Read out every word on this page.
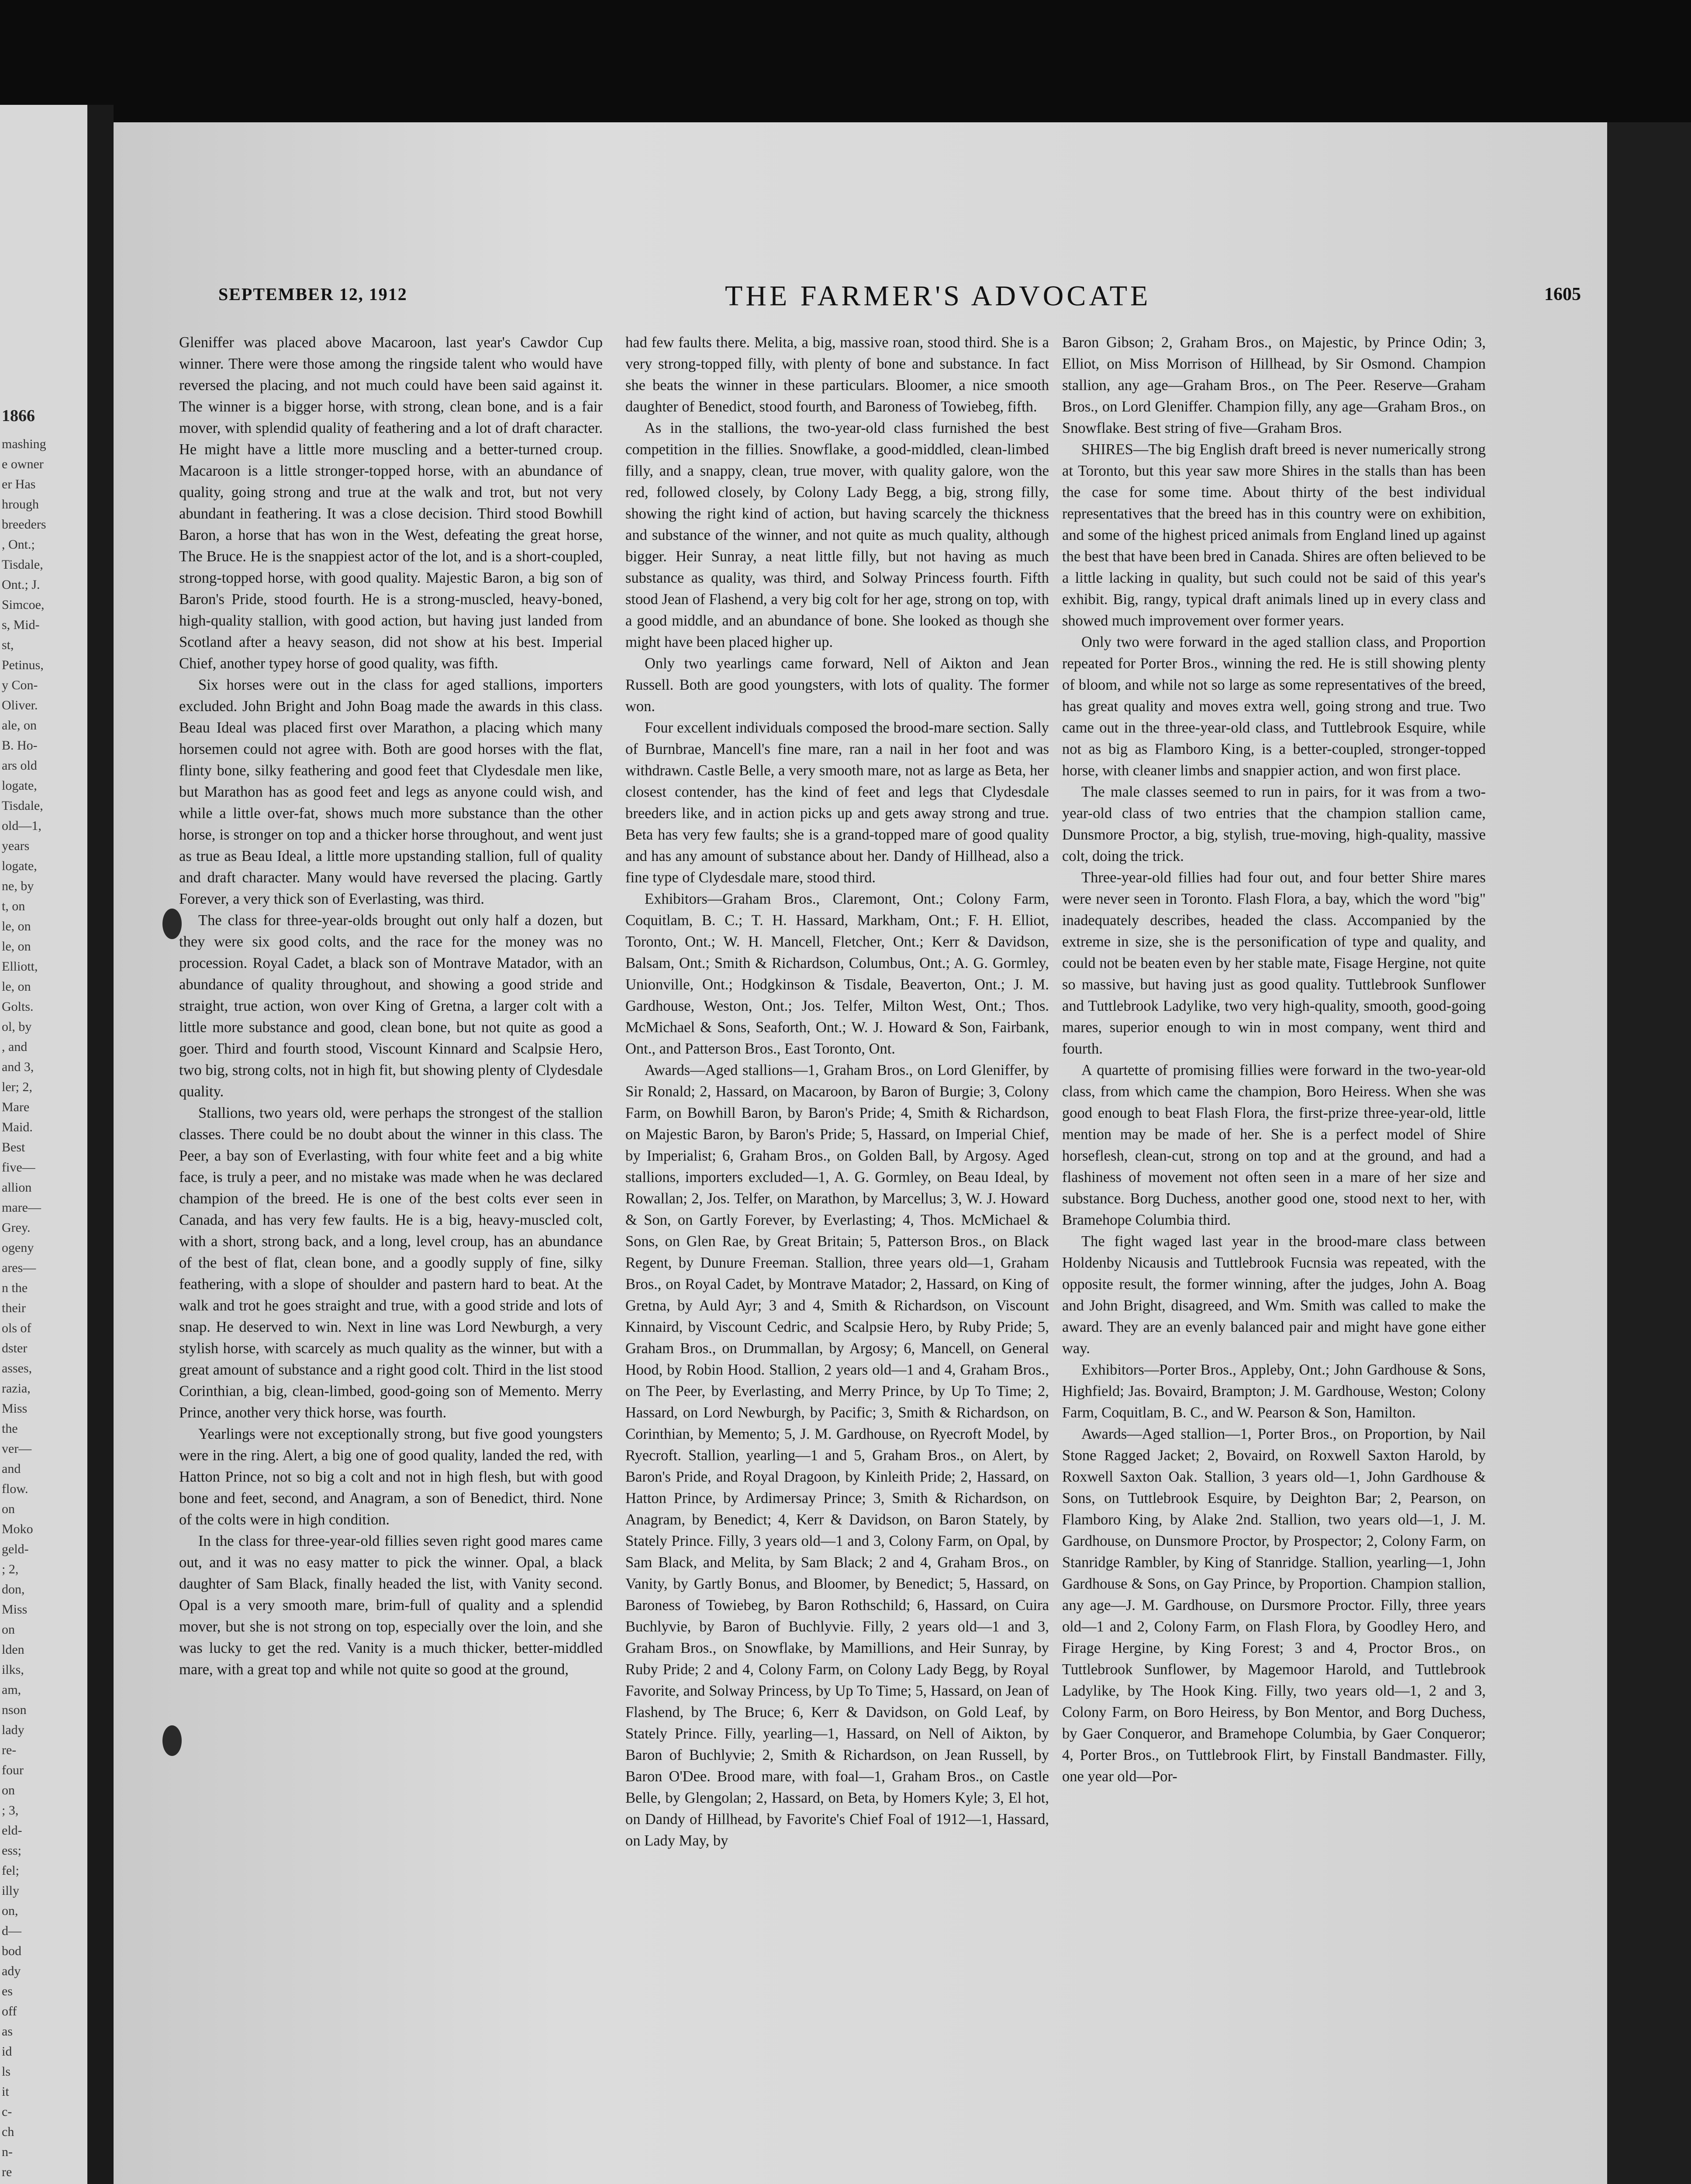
1866
mashing
e owner
er Has
hrough
breeders
, Ont.;
Tisdale,
Ont.; J.
Simcoe,
s, Mid-
st,
Petinus,
y Con-
Oliver.
ale, on
B. Ho-
ars old
logate,
Tisdale,
old—1,
years
logate,
ne, by
t, on
le, on
le, on
Elliott,
le, on
Golts.
ol, by
, and
and 3,
ler; 2,
Mare
Maid.
Best
five—
allion
mare—
Grey.
ogeny
ares—
n the
their
ols of
dster
asses,
razia,
Miss
the
ver—
and
flow.
on
Moko
geld-
; 2,
don,
Miss
on
lden
ilks,
am,
nson
lady
re-
four
on
; 3,
eld-
ess;
fel;
illy
on,
d—
bod
ady
es
off
as
id
ls
it
c-
ch
n-
re
SEPTEMBER 12, 1912	THE FARMER'S ADVOCATE	1605

Gleniffer was placed above Macaroon, last year's Cawdor Cup winner. There were those among the ringside talent who would have reversed the placing, and not much could have been said against it. The winner is a bigger horse, with strong, clean bone, and is a fair mover, with splendid quality of feathering and a lot of draft character. He might have a little more muscling and a better-turned croup. Macaroon is a little stronger-topped horse, with an abundance of quality, going strong and true at the walk and trot, but not very abundant in feathering. It was a close decision. Third stood Bowhill Baron, a horse that has won in the West, defeating the great horse, The Bruce. He is the snappiest actor of the lot, and is a short-coupled, strong-topped horse, with good quality. Majestic Baron, a big son of Baron's Pride, stood fourth. He is a strong-muscled, heavy-boned, high-quality stallion, with good action, but having just landed from Scotland after a heavy season, did not show at his best. Imperial Chief, another typey horse of good quality, was fifth.

Six horses were out in the class for aged stallions, importers excluded. John Bright and John Boag made the awards in this class. Beau Ideal was placed first over Marathon, a placing which many horsemen could not agree with. Both are good horses with the flat, flinty bone, silky feathering and good feet that Clydesdale men like, but Marathon has as good feet and legs as anyone could wish, and while a little over-fat, shows much more substance than the other horse, is stronger on top and a thicker horse throughout, and went just as true as Beau Ideal, a little more upstanding stallion, full of quality and draft character. Many would have reversed the placing. Gartly Forever, a very thick son of Everlasting, was third.

The class for three-year-olds brought out only half a dozen, but they were six good colts, and the race for the money was no procession. Royal Cadet, a black son of Montrave Matador, with an abundance of quality throughout, and showing a good stride and straight, true action, won over King of Gretna, a larger colt with a little more substance and good, clean bone, but not quite as good a goer. Third and fourth stood, Viscount Kinnard and Scalpsie Hero, two big, strong colts, not in high fit, but showing plenty of Clydesdale quality.

Stallions, two years old, were perhaps the strongest of the stallion classes. There could be no doubt about the winner in this class. The Peer, a bay son of Everlasting, with four white feet and a big white face, is truly a peer, and no mistake was made when he was declared champion of the breed. He is one of the best colts ever seen in Canada, and has very few faults. He is a big, heavy-muscled colt, with a short, strong back, and a long, level croup, has an abundance of the best of flat, clean bone, and a goodly supply of fine, silky feathering, with a slope of shoulder and pastern hard to beat. At the walk and trot he goes straight and true, with a good stride and lots of snap. He deserved to win. Next in line was Lord Newburgh, a very stylish horse, with scarcely as much quality as the winner, but with a great amount of substance and a right good colt. Third in the list stood Corinthian, a big, clean-limbed, good-going son of Memento. Merry Prince, another very thick horse, was fourth.

Yearlings were not exceptionally strong, but five good youngsters were in the ring. Alert, a big one of good quality, landed the red, with Hatton Prince, not so big a colt and not in high flesh, but with good bone and feet, second, and Anagram, a son of Benedict, third. None of the colts were in high condition.

In the class for three-year-old fillies seven right good mares came out, and it was no easy matter to pick the winner. Opal, a black daughter of Sam Black, finally headed the list, with Vanity second. Opal is a very smooth mare, brim-full of quality and a splendid mover, but she is not strong on top, especially over the loin, and she was lucky to get the red. Vanity is a much thicker, better-middled mare, with a great top and while not quite so good at the ground,

had few faults there. Melita, a big, massive roan, stood third. She is a very strong-topped filly, with plenty of bone and substance. In fact she beats the winner in these particulars. Bloomer, a nice smooth daughter of Benedict, stood fourth, and Baroness of Towiebeg, fifth.

As in the stallions, the two-year-old class furnished the best competition in the fillies. Snowflake, a good-middled, clean-limbed filly, and a snappy, clean, true mover, with quality galore, won the red, followed closely, by Colony Lady Begg, a big, strong filly, showing the right kind of action, but having scarcely the thickness and substance of the winner, and not quite as much quality, although bigger. Heir Sunray, a neat little filly, but not having as much substance as quality, was third, and Solway Princess fourth. Fifth stood Jean of Flashend, a very big colt for her age, strong on top, with a good middle, and an abundance of bone. She looked as though she might have been placed higher up.

Only two yearlings came forward, Nell of Aikton and Jean Russell. Both are good youngsters, with lots of quality. The former won.

Four excellent individuals composed the brood-mare section. Sally of Burnbrae, Mancell's fine mare, ran a nail in her foot and was withdrawn. Castle Belle, a very smooth mare, not as large as Beta, her closest contender, has the kind of feet and legs that Clydesdale breeders like, and in action picks up and gets away strong and true. Beta has very few faults; she is a grand-topped mare of good quality and has any amount of substance about her. Dandy of Hillhead, also a fine type of Clydesdale mare, stood third.

Exhibitors—Graham Bros., Claremont, Ont.; Colony Farm, Coquitlam, B. C.; T. H. Hassard, Markham, Ont.; F. H. Elliot, Toronto, Ont.; W. H. Mancell, Fletcher, Ont.; Kerr & Davidson, Balsam, Ont.; Smith & Richardson, Columbus, Ont.; A. G. Gormley, Unionville, Ont.; Hodgkinson & Tisdale, Beaverton, Ont.; J. M. Gardhouse, Weston, Ont.; Jos. Telfer, Milton West, Ont.; Thos. McMichael & Sons, Seaforth, Ont.; W. J. Howard & Son, Fairbank, Ont., and Patterson Bros., East Toronto, Ont.

Awards—Aged stallions—1, Graham Bros., on Lord Gleniffer, by Sir Ronald; 2, Hassard, on Macaroon, by Baron of Burgie; 3, Colony Farm, on Bowhill Baron, by Baron's Pride; 4, Smith & Richardson, on Majestic Baron, by Baron's Pride; 5, Hassard, on Imperial Chief, by Imperialist; 6, Graham Bros., on Golden Ball, by Argosy. Aged stallions, importers excluded—1, A. G. Gormley, on Beau Ideal, by Rowallan; 2, Jos. Telfer, on Marathon, by Marcellus; 3, W. J. Howard & Son, on Gartly Forever, by Everlasting; 4, Thos. McMichael & Sons, on Glen Rae, by Great Britain; 5, Patterson Bros., on Black Regent, by Dunure Freeman. Stallion, three years old—1, Graham Bros., on Royal Cadet, by Montrave Matador; 2, Hassard, on King of Gretna, by Auld Ayr; 3 and 4, Smith & Richardson, on Viscount Kinnaird, by Viscount Cedric, and Scalpsie Hero, by Ruby Pride; 5, Graham Bros., on Drummallan, by Argosy; 6, Mancell, on General Hood, by Robin Hood. Stallion, 2 years old—1 and 4, Graham Bros., on The Peer, by Everlasting, and Merry Prince, by Up To Time; 2, Hassard, on Lord Newburgh, by Pacific; 3, Smith & Richardson, on Corinthian, by Memento; 5, J. M. Gardhouse, on Ryecroft Model, by Ryecroft. Stallion, yearling—1 and 5, Graham Bros., on Alert, by Baron's Pride, and Royal Dragoon, by Kinleith Pride; 2, Hassard, on Hatton Prince, by Ardimersay Prince; 3, Smith & Richardson, on Anagram, by Benedict; 4, Kerr & Davidson, on Baron Stately, by Stately Prince. Filly, 3 years old—1 and 3, Colony Farm, on Opal, by Sam Black, and Melita, by Sam Black; 2 and 4, Graham Bros., on Vanity, by Gartly Bonus, and Bloomer, by Benedict; 5, Hassard, on Baroness of Towiebeg, by Baron Rothschild; 6, Hassard, on Cuira Buchlyvie, by Baron of Buchlyvie. Filly, 2 years old—1 and 3, Graham Bros., on Snowflake, by Mamillions, and Heir Sunray, by Ruby Pride; 2 and 4, Colony Farm, on Colony Lady Begg, by Royal Favorite, and Solway Princess, by Up To Time; 5, Hassard, on Jean of Flashend, by The Bruce; 6, Kerr & Davidson, on Gold Leaf, by Stately Prince. Filly, yearling—1, Hassard, on Nell of Aikton, by Baron of Buchlyvie; 2, Smith & Richardson, on Jean Russell, by Baron O'Dee. Brood mare, with foal—1, Graham Bros., on Castle Belle, by Glengolan; 2, Hassard, on Beta, by Homers Kyle; 3, El hot, on Dandy of Hillhead, by Favorite's Chief Foal of 1912—1, Hassard, on Lady May, by

Baron Gibson; 2, Graham Bros., on Majestic, by Prince Odin; 3, Elliot, on Miss Morrison of Hillhead, by Sir Osmond. Champion stallion, any age—Graham Bros., on The Peer. Reserve—Graham Bros., on Lord Gleniffer. Champion filly, any age—Graham Bros., on Snowflake. Best string of five—Graham Bros.

SHIRES—The big English draft breed is never numerically strong at Toronto, but this year saw more Shires in the stalls than has been the case for some time. About thirty of the best individual representatives that the breed has in this country were on exhibition, and some of the highest priced animals from England lined up against the best that have been bred in Canada. Shires are often believed to be a little lacking in quality, but such could not be said of this year's exhibit. Big, rangy, typical draft animals lined up in every class and showed much improvement over former years.

Only two were forward in the aged stallion class, and Proportion repeated for Porter Bros., winning the red. He is still showing plenty of bloom, and while not so large as some representatives of the breed, has great quality and moves extra well, going strong and true. Two came out in the three-year-old class, and Tuttlebrook Esquire, while not as big as Flamboro King, is a better-coupled, stronger-topped horse, with cleaner limbs and snappier action, and won first place.

The male classes seemed to run in pairs, for it was from a two-year-old class of two entries that the champion stallion came, Dunsmore Proctor, a big, stylish, true-moving, high-quality, massive colt, doing the trick.

Three-year-old fillies had four out, and four better Shire mares were never seen in Toronto. Flash Flora, a bay, which the word "big" inadequately describes, headed the class. Accompanied by the extreme in size, she is the personification of type and quality, and could not be beaten even by her stable mate, Fisage Hergine, not quite so massive, but having just as good quality. Tuttlebrook Sunflower and Tuttlebrook Ladylike, two very high-quality, smooth, good-going mares, superior enough to win in most company, went third and fourth.

A quartette of promising fillies were forward in the two-year-old class, from which came the champion, Boro Heiress. When she was good enough to beat Flash Flora, the first-prize three-year-old, little mention may be made of her. She is a perfect model of Shire horseflesh, clean-cut, strong on top and at the ground, and had a flashiness of movement not often seen in a mare of her size and substance. Borg Duchess, another good one, stood next to her, with Bramehope Columbia third.

The fight waged last year in the brood-mare class between Holdenby Nicausis and Tuttlebrook Fucnsia was repeated, with the opposite result, the former winning, after the judges, John A. Boag and John Bright, disagreed, and Wm. Smith was called to make the award. They are an evenly balanced pair and might have gone either way.

Exhibitors—Porter Bros., Appleby, Ont.; John Gardhouse & Sons, Highfield; Jas. Bovaird, Brampton; J. M. Gardhouse, Weston; Colony Farm, Coquitlam, B. C., and W. Pearson & Son, Hamilton.

Awards—Aged stallion—1, Porter Bros., on Proportion, by Nail Stone Ragged Jacket; 2, Bovaird, on Roxwell Saxton Harold, by Roxwell Saxton Oak. Stallion, 3 years old—1, John Gardhouse & Sons, on Tuttlebrook Esquire, by Deighton Bar; 2, Pearson, on Flamboro King, by Alake 2nd. Stallion, two years old—1, J. M. Gardhouse, on Dunsmore Proctor, by Prospector; 2, Colony Farm, on Stanridge Rambler, by King of Stanridge. Stallion, yearling—1, John Gardhouse & Sons, on Gay Prince, by Proportion. Champion stallion, any age—J. M. Gardhouse, on Dursmore Proctor. Filly, three years old—1 and 2, Colony Farm, on Flash Flora, by Goodley Hero, and Firage Hergine, by King Forest; 3 and 4, Proctor Bros., on Tuttlebrook Sunflower, by Magemoor Harold, and Tuttlebrook Ladylike, by The Hook King. Filly, two years old—1, 2 and 3, Colony Farm, on Boro Heiress, by Bon Mentor, and Borg Duchess, by Gaer Conqueror, and Bramehope Columbia, by Gaer Conqueror; 4, Porter Bros., on Tuttlebrook Flirt, by Finstall Bandmaster. Filly, one year old—Por-
